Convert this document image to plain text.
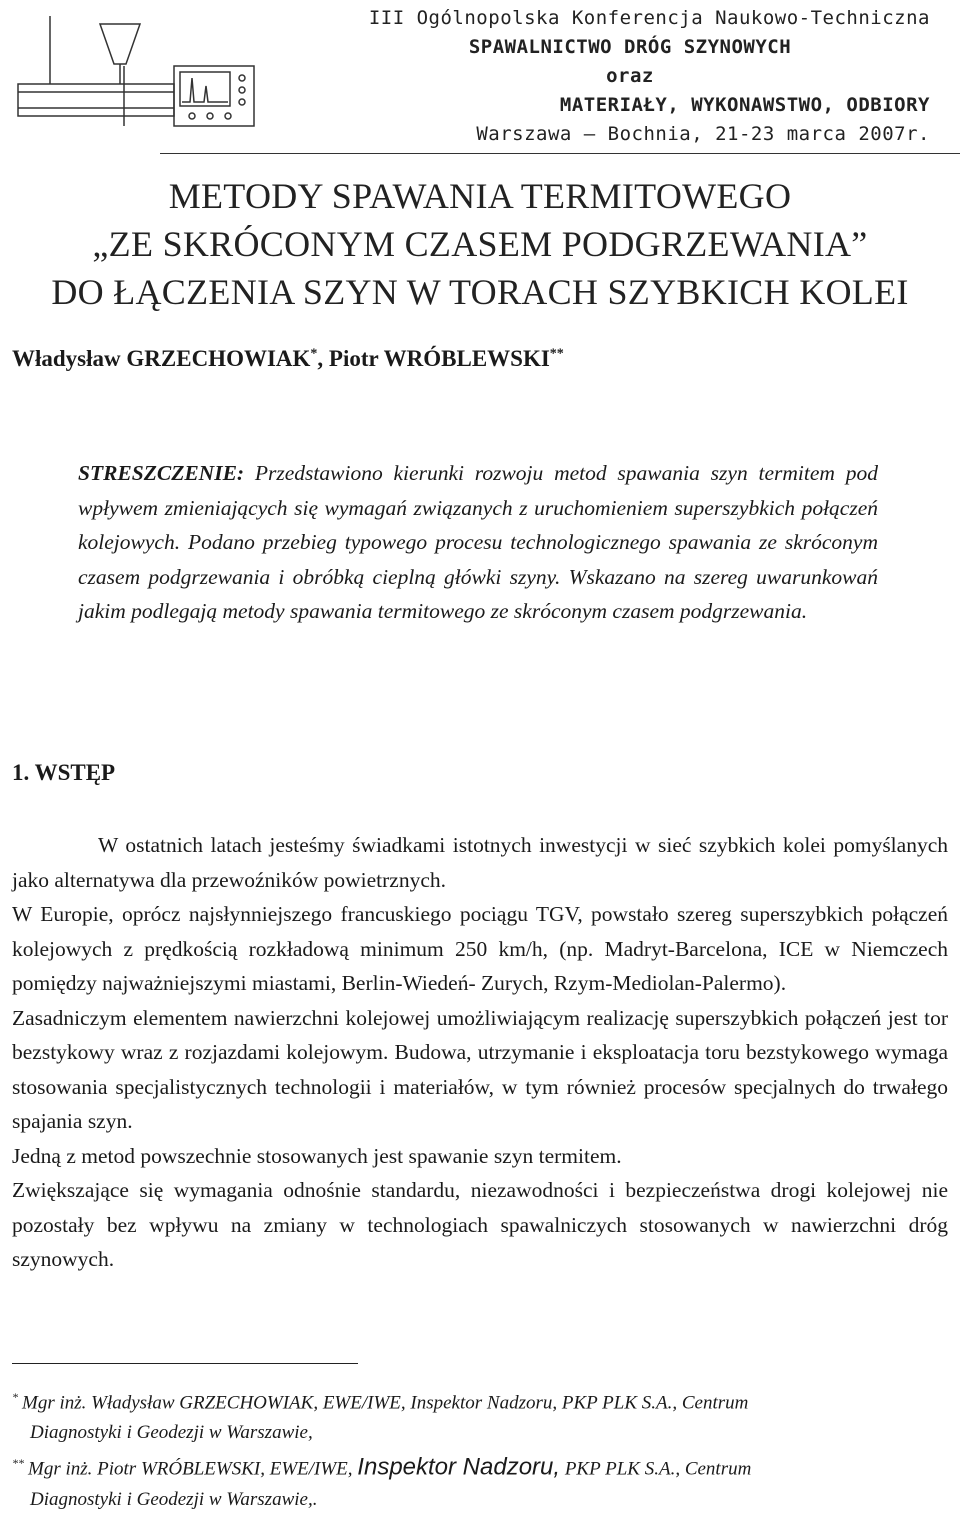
III Ogólnopolska Konferencja Naukowo-Techniczna
SPAWALNICTWO DRÓG SZYNOWYCH
oraz
MATERIAŁY, WYKONAWSTWO, ODBIORY
Warszawa – Bochnia, 21-23 marca 2007r.
METODY SPAWANIA TERMITOWEGO
„ZE SKRÓCONYM CZASEM PODGRZEWANIA”
DO ŁĄCZENIA SZYN W TORACH SZYBKICH KOLEI
Władysław GRZECHOWIAK*, Piotr WRÓBLEWSKI**
STRESZCZENIE: Przedstawiono kierunki rozwoju metod spawania szyn termitem pod wpływem zmieniających się wymagań związanych z uruchomieniem superszybkich połączeń kolejowych. Podano przebieg typowego procesu technologicznego spawania ze skróconym czasem podgrzewania i obróbką cieplną główki szyny. Wskazano na szereg uwarunkowań jakim podlegają metody spawania termitowego ze skróconym czasem podgrzewania.
1. WSTĘP

W ostatnich latach jesteśmy świadkami istotnych inwestycji w sieć szybkich kolei pomyślanych jako alternatywa dla przewoźników powietrznych.

W Europie, oprócz najsłynniejszego francuskiego pociągu TGV, powstało szereg superszybkich połączeń kolejowych z prędkością rozkładową minimum 250 km/h, (np. Madryt-Barcelona, ICE w Niemczech pomiędzy najważniejszymi miastami, Berlin-Wiedeń- Zurych, Rzym-Mediolan-Palermo).

Zasadniczym elementem nawierzchni kolejowej umożliwiającym realizację superszybkich połączeń jest tor bezstykowy wraz z rozjazdami kolejowym. Budowa, utrzymanie i eksploatacja toru bezstykowego wymaga stosowania specjalistycznych technologii i materiałów, w tym również procesów specjalnych do trwałego spajania szyn.

Jedną z metod powszechnie stosowanych jest spawanie szyn termitem.

Zwiększające się wymagania odnośnie standardu, niezawodności i bezpieczeństwa drogi kolejowej nie pozostały bez wpływu na zmiany w technologiach spawalniczych stosowanych w nawierzchni dróg szynowych.

* Mgr inż. Władysław GRZECHOWIAK, EWE/IWE, Inspektor Nadzoru, PKP PLK S.A., Centrum

Diagnostyki i Geodezji w Warszawie,

** Mgr inż. Piotr WRÓBLEWSKI, EWE/IWE, Inspektor Nadzoru, PKP PLK S.A., Centrum

Diagnostyki i Geodezji w Warszawie,.
